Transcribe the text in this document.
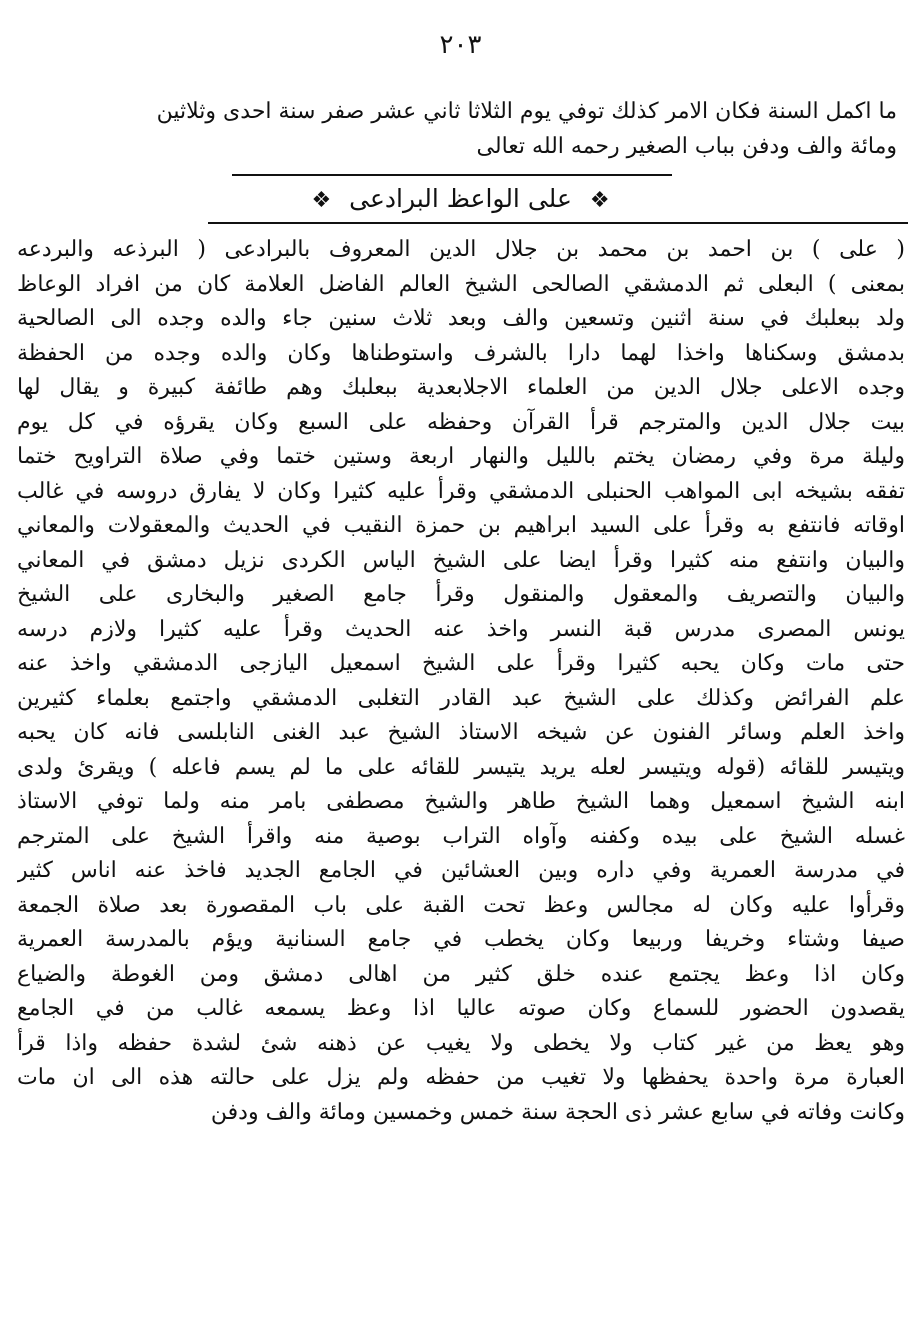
٢٠٣
ما اكمل السنة فكان الامر كذلك توفي يوم الثلاثا ثاني عشر صفر سنة احدى وثلاثين
ومائة والف ودفن بباب الصغير رحمه الله تعالى
❖ على الواعظ البرادعى ❖
( على ) بن احمد بن محمد بن جلال الدين المعروف بالبرادعى ( البرذعه والبردعه
بمعنى ) البعلى ثم الدمشقي الصالحى الشيخ العالم الفاضل العلامة كان من افراد الوعاظ
ولد ببعلبك في سنة اثنين وتسعين والف وبعد ثلاث سنين جاء والده وجده الى الصالحية
بدمشق وسكناها واخذا لهما دارا بالشرف واستوطناها وكان والده وجده من الحفظة
وجده الاعلى جلال الدين من العلماء الاجلابعدية ببعلبك وهم طائفة كبيرة و يقال لها
بيت جلال الدين والمترجم قرأ القرآن وحفظه على السبع وكان يقرؤه في كل يوم
وليلة مرة وفي رمضان يختم بالليل والنهار اربعة وستين ختما وفي صلاة التراويح ختما
تفقه بشيخه ابى المواهب الحنبلى الدمشقي وقرأ عليه كثيرا وكان لا يفارق دروسه في غالب
اوقاته فانتفع به وقرأ على السيد ابراهيم بن حمزة النقيب في الحديث والمعقولات والمعاني
والبيان وانتفع منه كثيرا وقرأ ايضا على الشيخ الياس الكردى نزيل دمشق في المعاني
والبيان والتصريف والمعقول والمنقول وقرأ جامع الصغير والبخارى على الشيخ
يونس المصرى مدرس قبة النسر واخذ عنه الحديث وقرأ عليه كثيرا ولازم درسه
حتى مات وكان يحبه كثيرا وقرأ على الشيخ اسمعيل اليازجى الدمشقي واخذ عنه
علم الفرائض وكذلك على الشيخ عبد القادر التغلبى الدمشقي واجتمع بعلماء كثيرين
واخذ العلم وسائر الفنون عن شيخه الاستاذ الشيخ عبد الغنى النابلسى فانه كان يحبه
ويتيسر للقائه (قوله ويتيسر لعله يريد يتيسر للقائه على ما لم يسم فاعله ) ويقرئ ولدى
ابنه الشيخ اسمعيل وهما الشيخ طاهر والشيخ مصطفى بامر منه ولما توفي الاستاذ
غسله الشيخ على بيده وكفنه وآواه التراب بوصية منه واقرأ الشيخ على المترجم
في مدرسة العمرية وفي داره وبين العشائين في الجامع الجديد فاخذ عنه اناس كثير
وقرأوا عليه وكان له مجالس وعظ تحت القبة على باب المقصورة بعد صلاة الجمعة
صيفا وشتاء وخريفا وربيعا وكان يخطب في جامع السنانية ويؤم بالمدرسة العمرية
وكان اذا وعظ يجتمع عنده خلق كثير من اهالى دمشق ومن الغوطة والضياع
يقصدون الحضور للسماع وكان صوته عاليا اذا وعظ يسمعه غالب من في الجامع
وهو يعظ من غير كتاب ولا يخطى ولا يغيب عن ذهنه شئ لشدة حفظه واذا قرأ
العبارة مرة واحدة يحفظها ولا تغيب من حفظه ولم يزل على حالته هذه الى ان مات
وكانت وفاته في سابع عشر ذى الحجة سنة خمس وخمسين ومائة والف ودفن
